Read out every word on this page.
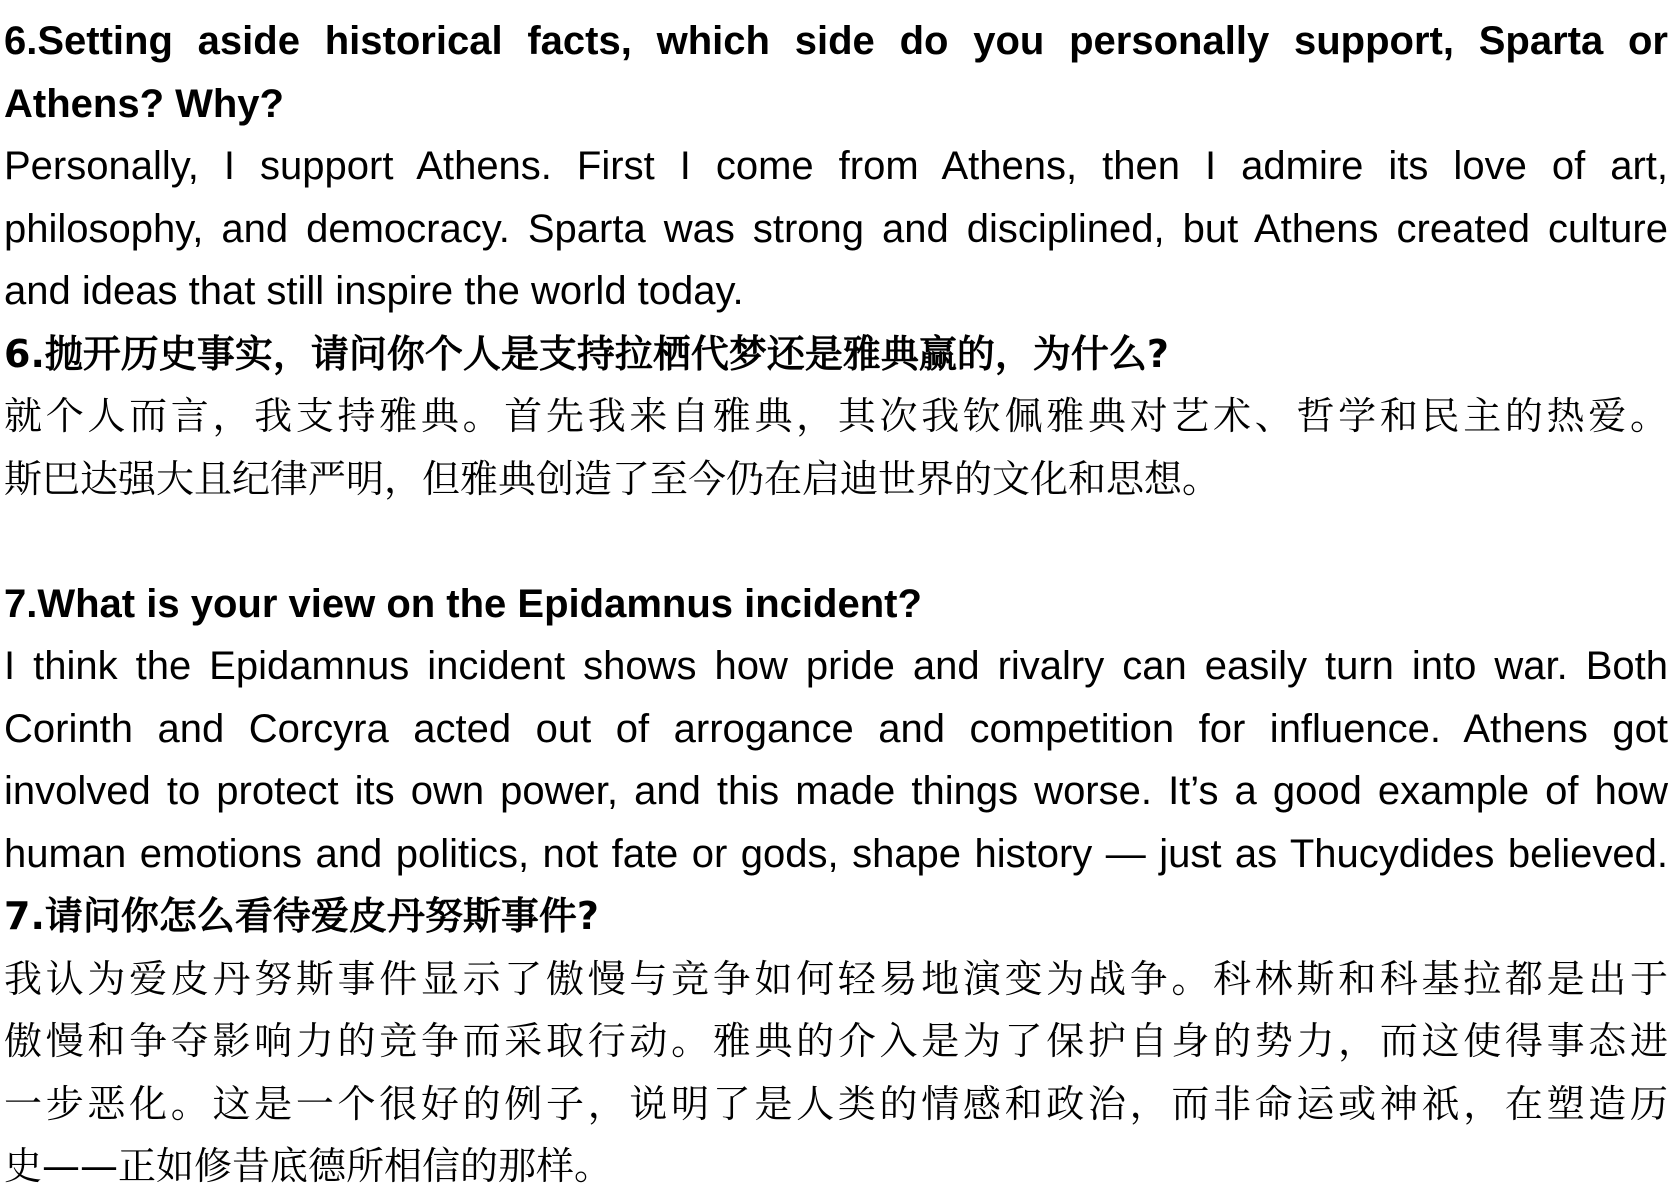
6.Setting aside historical facts, which side do you personally support, Sparta or
Athens? Why?
Personally, I support Athens. First I come from Athens, then I admire its love of art,
philosophy, and democracy. Sparta was strong and disciplined, but Athens created culture
and ideas that still inspire the world today.
6.抛开历史事实，请问你个人是支持拉栖代梦还是雅典赢的，为什么?
就个人而言，我支持雅典。首先我来自雅典，其次我钦佩雅典对艺术、哲学和民主的热爱。
斯巴达强大且纪律严明，但雅典创造了至今仍在启迪世界的文化和思想。
7.What is your view on the Epidamnus incident?
I think the Epidamnus incident shows how pride and rivalry can easily turn into war. Both
Corinth and Corcyra acted out of arrogance and competition for influence. Athens got
involved to protect its own power, and this made things worse. It’s a good example of how
human emotions and politics, not fate or gods, shape history — just as Thucydides believed.
7.请问你怎么看待爱皮丹努斯事件?
我认为爱皮丹努斯事件显示了傲慢与竞争如何轻易地演变为战争。科林斯和科基拉都是出于
傲慢和争夺影响力的竞争而采取行动。雅典的介入是为了保护自身的势力，而这使得事态进
一步恶化。这是一个很好的例子，说明了是人类的情感和政治，而非命运或神祇，在塑造历
史——正如修昔底德所相信的那样。
